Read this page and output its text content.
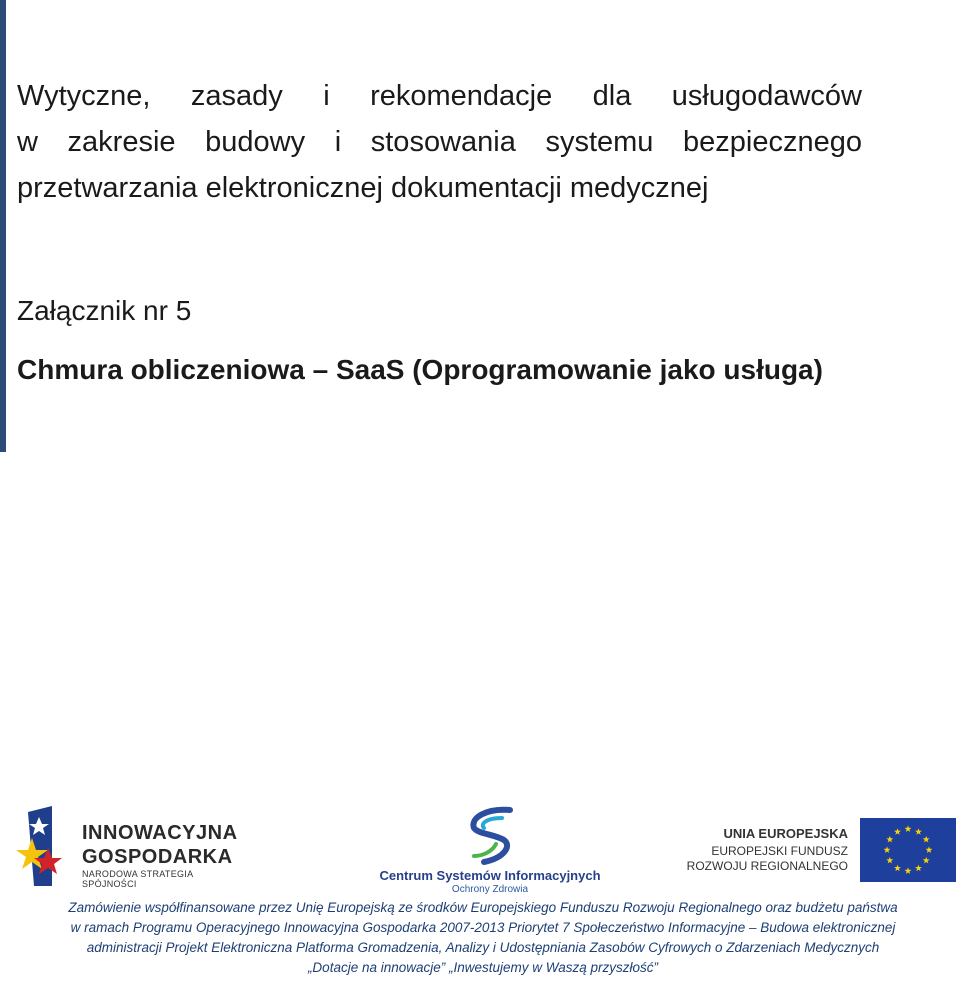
Wytyczne, zasady i rekomendacje dla usługodawców
w zakresie budowy i stosowania systemu bezpiecznego
przetwarzania elektronicznej dokumentacji medycznej
Załącznik nr 5
Chmura obliczeniowa – SaaS (Oprogramowanie jako usługa)
INNOWACYJNA
GOSPODARKA
NARODOWA STRATEGIA SPÓJNOŚCI
Centrum Systemów Informacyjnych
Ochrony Zdrowia
UNIA EUROPEJSKA
EUROPEJSKI FUNDUSZ
ROZWOJU REGIONALNEGO
Zamówienie współfinansowane przez Unię Europejską ze środków Europejskiego Funduszu Rozwoju Regionalnego oraz budżetu państwa
w ramach Programu Operacyjnego Innowacyjna Gospodarka 2007-2013 Priorytet 7 Społeczeństwo Informacyjne – Budowa elektronicznej
administracji Projekt Elektroniczna Platforma Gromadzenia, Analizy i Udostępniania Zasobów Cyfrowych o Zdarzeniach Medycznych
„Dotacje na innowacje” „Inwestujemy w Waszą przyszłość”
